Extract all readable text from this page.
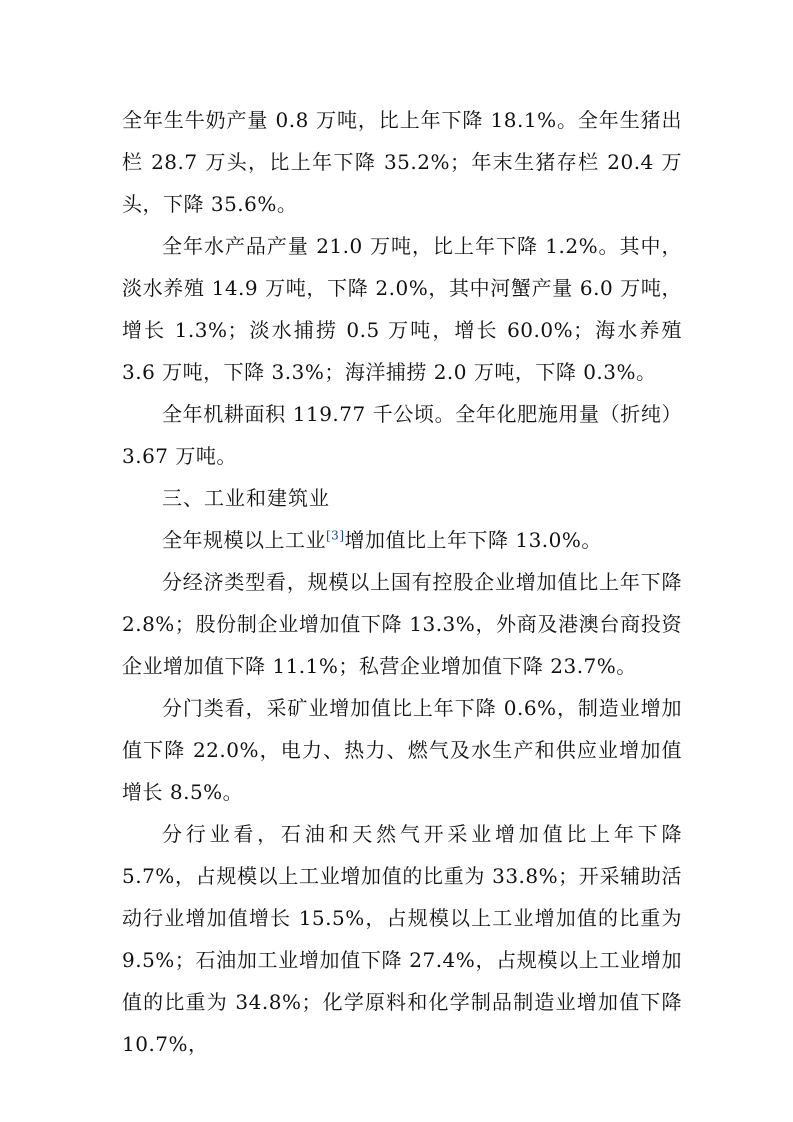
全年生牛奶产量 0.8 万吨，比上年下降 18.1%。全年生猪出栏 28.7 万头，比上年下降 35.2%；年末生猪存栏 20.4 万头，下降 35.6%。

全年水产品产量 21.0 万吨，比上年下降 1.2%。其中，淡水养殖 14.9 万吨，下降 2.0%，其中河蟹产量 6.0 万吨，增长 1.3%；淡水捕捞 0.5 万吨，增长 60.0%；海水养殖 3.6 万吨，下降 3.3%；海洋捕捞 2.0 万吨，下降 0.3%。

全年机耕面积 119.77 千公顷。全年化肥施用量（折纯）3.67 万吨。

三、工业和建筑业

全年规模以上工业[3]增加值比上年下降 13.0%。

分经济类型看，规模以上国有控股企业增加值比上年下降 2.8%；股份制企业增加值下降 13.3%，外商及港澳台商投资企业增加值下降 11.1%；私营企业增加值下降 23.7%。

分门类看，采矿业增加值比上年下降 0.6%，制造业增加值下降 22.0%，电力、热力、燃气及水生产和供应业增加值增长 8.5%。

分行业看，石油和天然气开采业增加值比上年下降 5.7%，占规模以上工业增加值的比重为 33.8%；开采辅助活动行业增加值增长 15.5%，占规模以上工业增加值的比重为 9.5%；石油加工业增加值下降 27.4%，占规模以上工业增加值的比重为 34.8%；化学原料和化学制品制造业增加值下降 10.7%，
